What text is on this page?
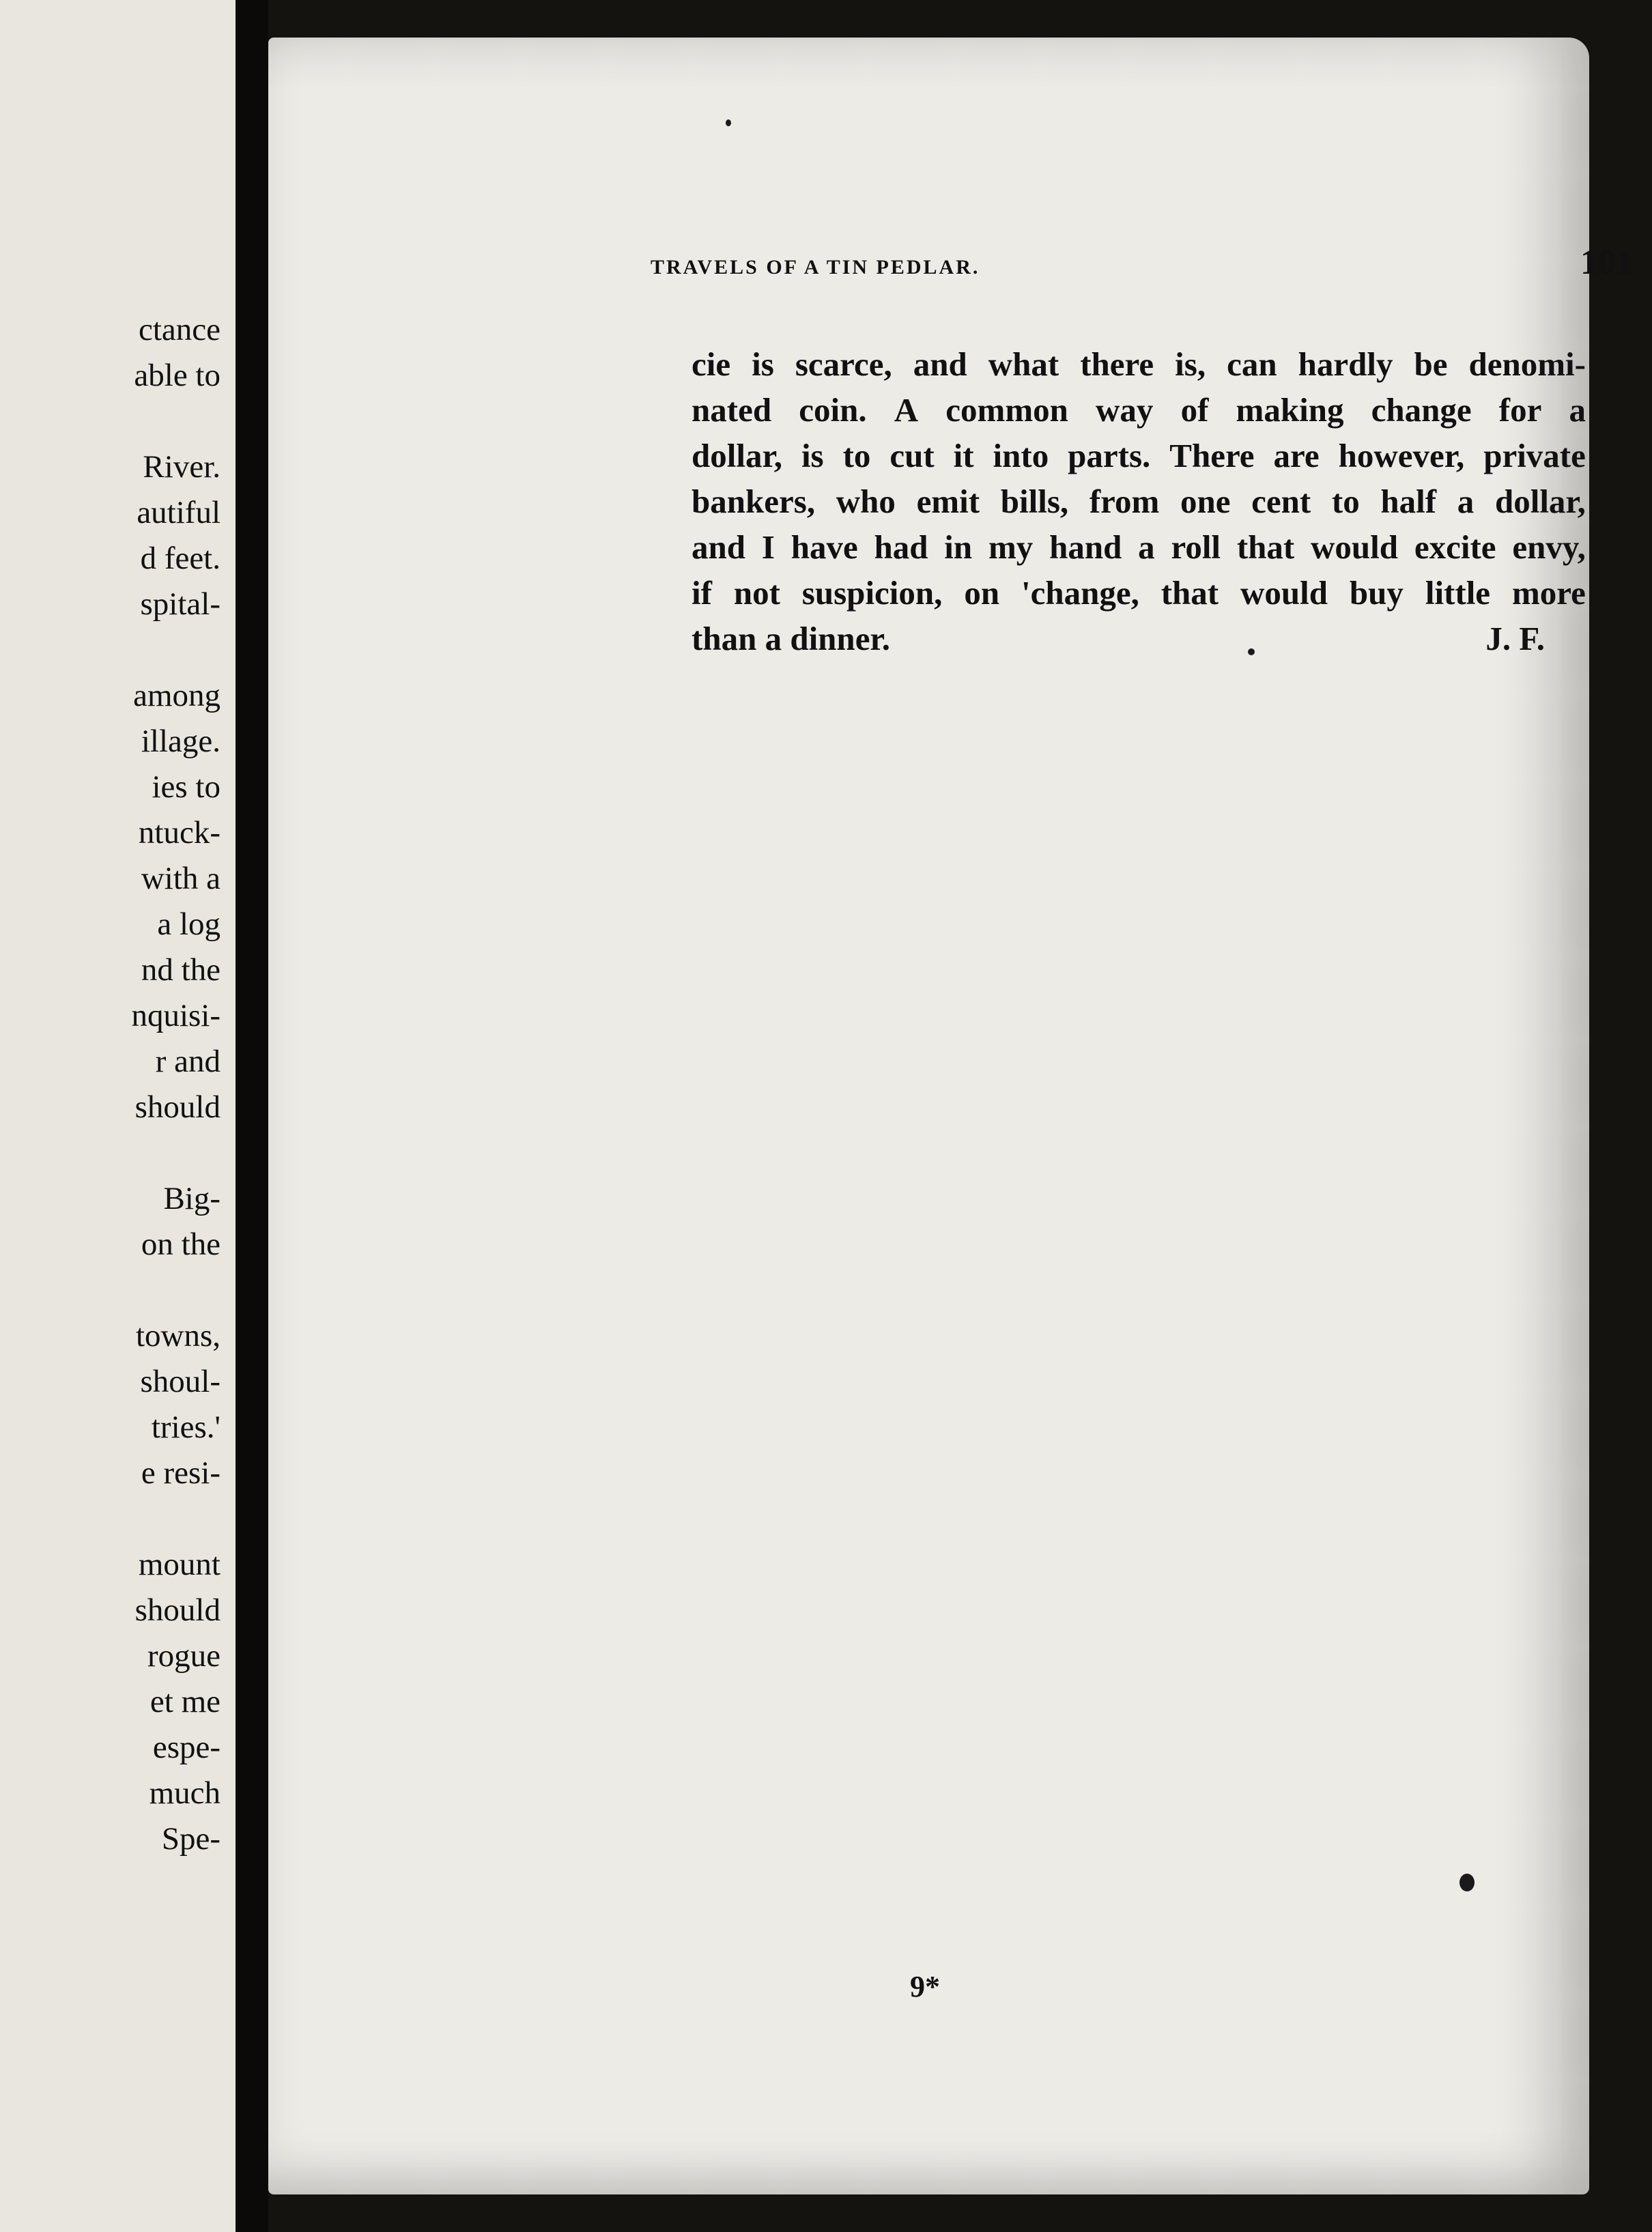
ctance
able to
River.
autiful
d feet.
spital-
among
illage.
ies to
ntuck-
with a
a log
nd the
nquisi-
r and
should
Big-
on the
towns,
shoul-
tries.'
e resi-
mount
should
rogue
et me
espe-
much
Spe-
TRAVELS OF A TIN PEDLAR.	101
cie is scarce, and what there is, can hardly be denomi-
nated coin. A common way of making change for a
dollar, is to cut it into parts. There are however, private
bankers, who emit bills, from one cent to half a dollar,
and I have had in my hand a roll that would excite envy,
if not suspicion, on 'change, that would buy little more
than a dinner.	J. F.
9*
